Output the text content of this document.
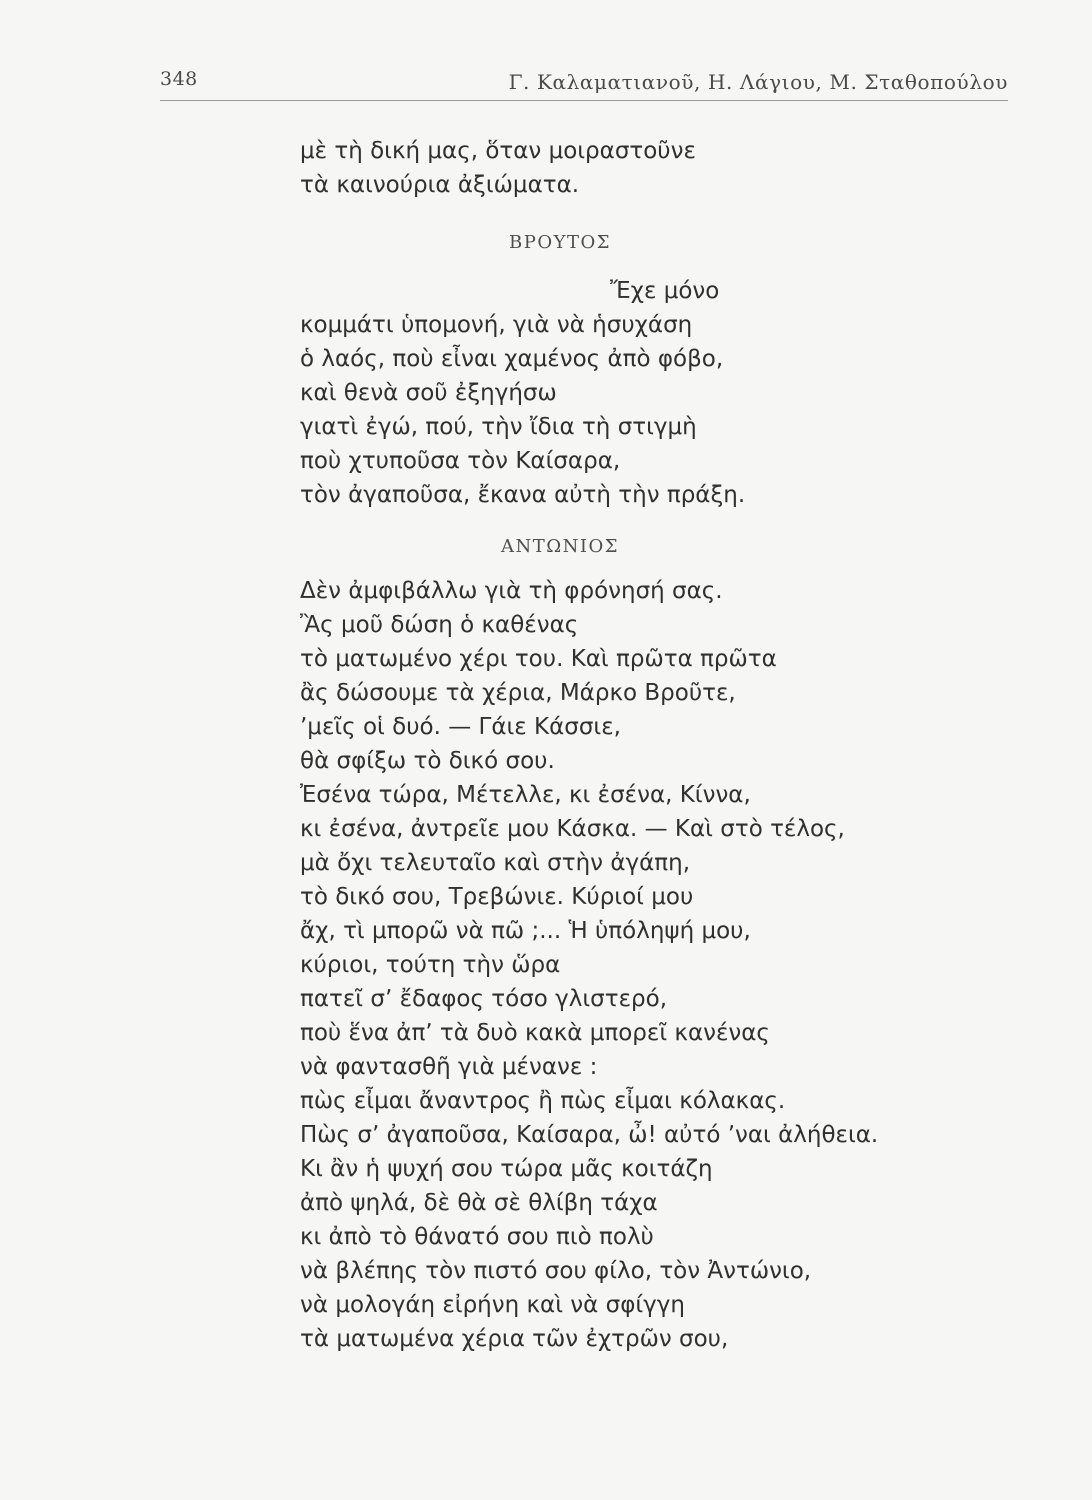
348	Γ. Καλαματιανοῦ, Η. Λάγιου, Μ. Σταθοπούλου
μὲ τὴ δική μας, ὅταν μοιραστοῦνε
τὰ καινούρια ἀξιώματα.
ΒΡΟΥΤΟΣ
Ἔχε μόνο
κομμάτι ὑπομονή, γιὰ νὰ ἡσυχάση
ὁ λαός, ποὺ εἶναι χαμένος ἀπὸ φόβο,
καὶ θενὰ σοῦ ἐξηγήσω
γιατὶ ἐγώ, πού, τὴν ἴδια τὴ στιγμὴ
ποὺ χτυποῦσα τὸν Καίσαρα,
τὸν ἀγαποῦσα, ἔκανα αὐτὴ τὴν πράξη.
ΑΝΤΩΝΙΟΣ
Δὲν ἀμφιβάλλω γιὰ τὴ φρόνησή σας.
Ἂς μοῦ δώση ὁ καθένας
τὸ ματωμένο χέρι του. Καὶ πρῶτα πρῶτα
ἂς δώσουμε τὰ χέρια, Μάρκο Βροῦτε,
ʼμεῖς οἱ δυό. — Γάιε Κάσσιε,
θὰ σφίξω τὸ δικό σου.
Ἐσένα τώρα, Μέτελλε, κι ἐσένα, Κίννα,
κι ἐσένα, ἀντρεῖε μου Κάσκα. — Καὶ στὸ τέλος,
μὰ ὄχι τελευταῖο καὶ στὴν ἀγάπη,
τὸ δικό σου, Τρεβώνιε. Κύριοί μου
ἄχ, τὶ μπορῶ νὰ πῶ ;... Ἡ ὑπόληψή μου,
κύριοι, τούτη τὴν ὥρα
πατεῖ σʼ ἔδαφος τόσο γλιστερό,
ποὺ ἕνα ἀπʼ τὰ δυὸ κακὰ μπορεῖ κανένας
νὰ φαντασθῆ γιὰ μένανε :
πὼς εἶμαι ἄναντρος ἢ πὼς εἶμαι κόλακας.
Πὼς σʼ ἀγαποῦσα, Καίσαρα, ὦ! αὐτό ʼναι ἀλήθεια.
Κι ἂν ἡ ψυχή σου τώρα μᾶς κοιτάζη
ἀπὸ ψηλά, δὲ θὰ σὲ θλίβη τάχα
κι ἀπὸ τὸ θάνατό σου πιὸ πολὺ
νὰ βλέπης τὸν πιστό σου φίλο, τὸν Ἀντώνιο,
νὰ μολογάη εἰρήνη καὶ νὰ σφίγγη
τὰ ματωμένα χέρια τῶν ἐχτρῶν σου,
